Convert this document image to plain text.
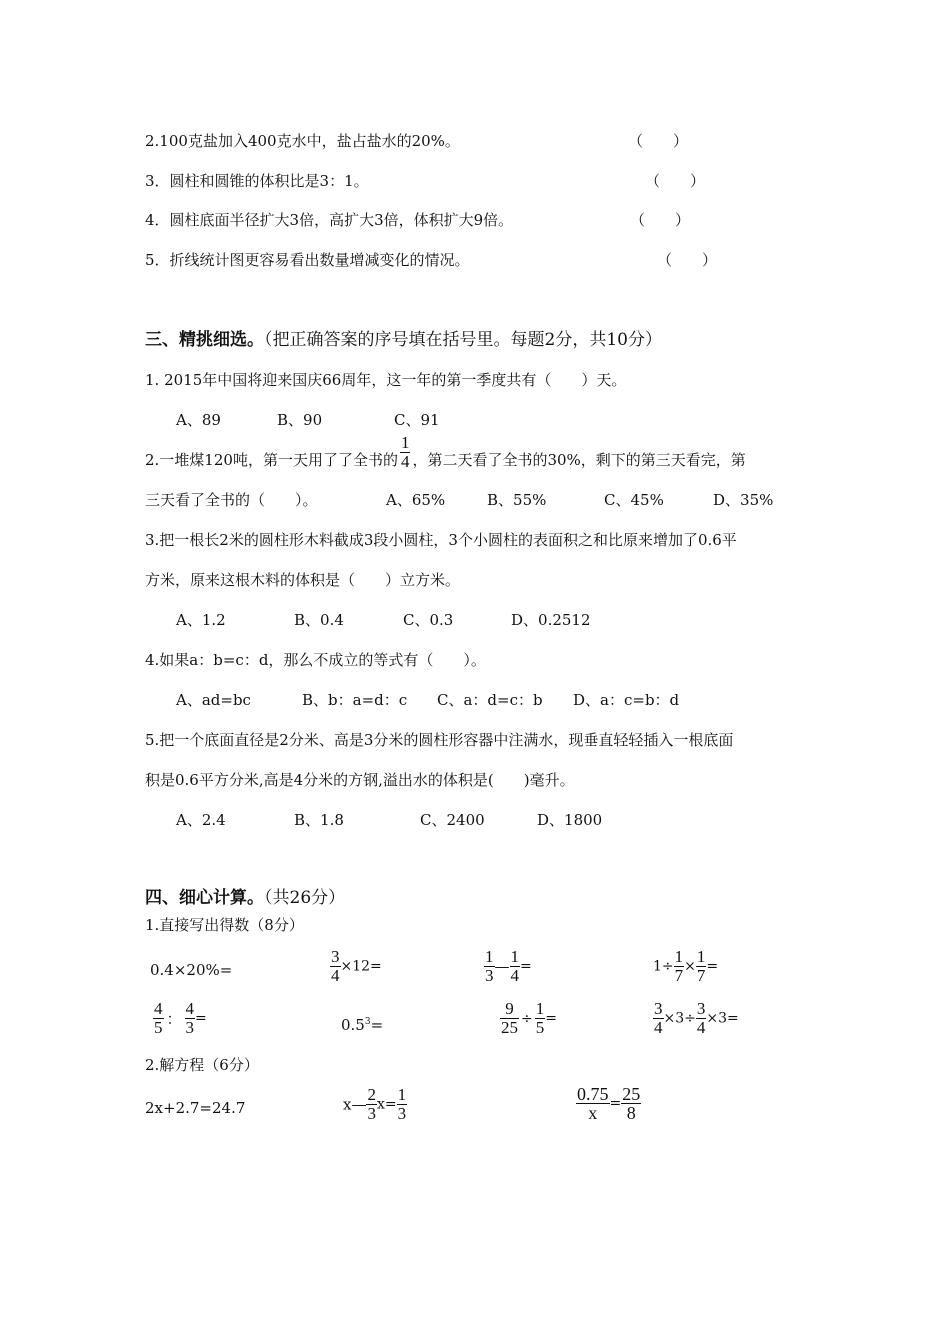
2.100克盐加入400克水中，盐占盐水的20%。	（　　）
3．圆柱和圆锥的体积比是3：1。	（　　）
4．圆柱底面半径扩大3倍，高扩大3倍，体积扩大9倍。	（　　）
5．折线统计图更容易看出数量增减变化的情况。	（　　）
三、精挑细选。（把正确答案的序号填在括号里。每题2分，共10分）
1. 2015年中国将迎来国庆66周年，这一年的第一季度共有（　　）天。
A、89	B、90	C、91
2.一堆煤120吨，第一天用了了全书的 $\frac{1}{4}$ ，第二天看了全书的30%，剩下的第三天看完，第
三天看了全书的（　　）。	A、65%	B、55%	C、45%	D、35%
3.把一根长2米的圆柱形木料截成3段小圆柱，3个小圆柱的表面积之和比原来增加了0.6平
方米，原来这根木料的体积是（　　）立方米。
A、1.2	B、0.4	C、0.3	D、0.2512
4.如果a：b=c：d，那么不成立的等式有（　　）。
A、ad=bc	B、b：a=d：c C、a：d=c：b D、a：c=b：d
5.把一个底面直径是2分米、高是3分米的圆柱形容器中注满水，现垂直轻轻插入一根底面
积是0.6平方分米,高是4分米的方钢,溢出水的体积是(　　)毫升。
A、2.4	B、1.8	C、2400	D、1800
四、细心计算。（共26分）
1.直接写出得数（8分）
0.4×20%=	$\frac{3}{4} \times 12=$	$\frac{1}{3}$ — $\frac{1}{4}$ =	$1\div \frac{1}{7} \times \frac{1}{7}$ =
$\frac{4}{5}$ ： $\frac{4}{3}$ =	$0.5^3=$	$\frac{9}{25} \div \frac{1}{5}$ =	$\frac{3}{4} \times 3\div \frac{3}{4} \times 3=$
2.解方程（6分）
2x+2.7=24.7	x— $\frac{2}{3} x= \frac{1}{3}$	$\frac{0.75}{x} = \frac{25}{8}$
